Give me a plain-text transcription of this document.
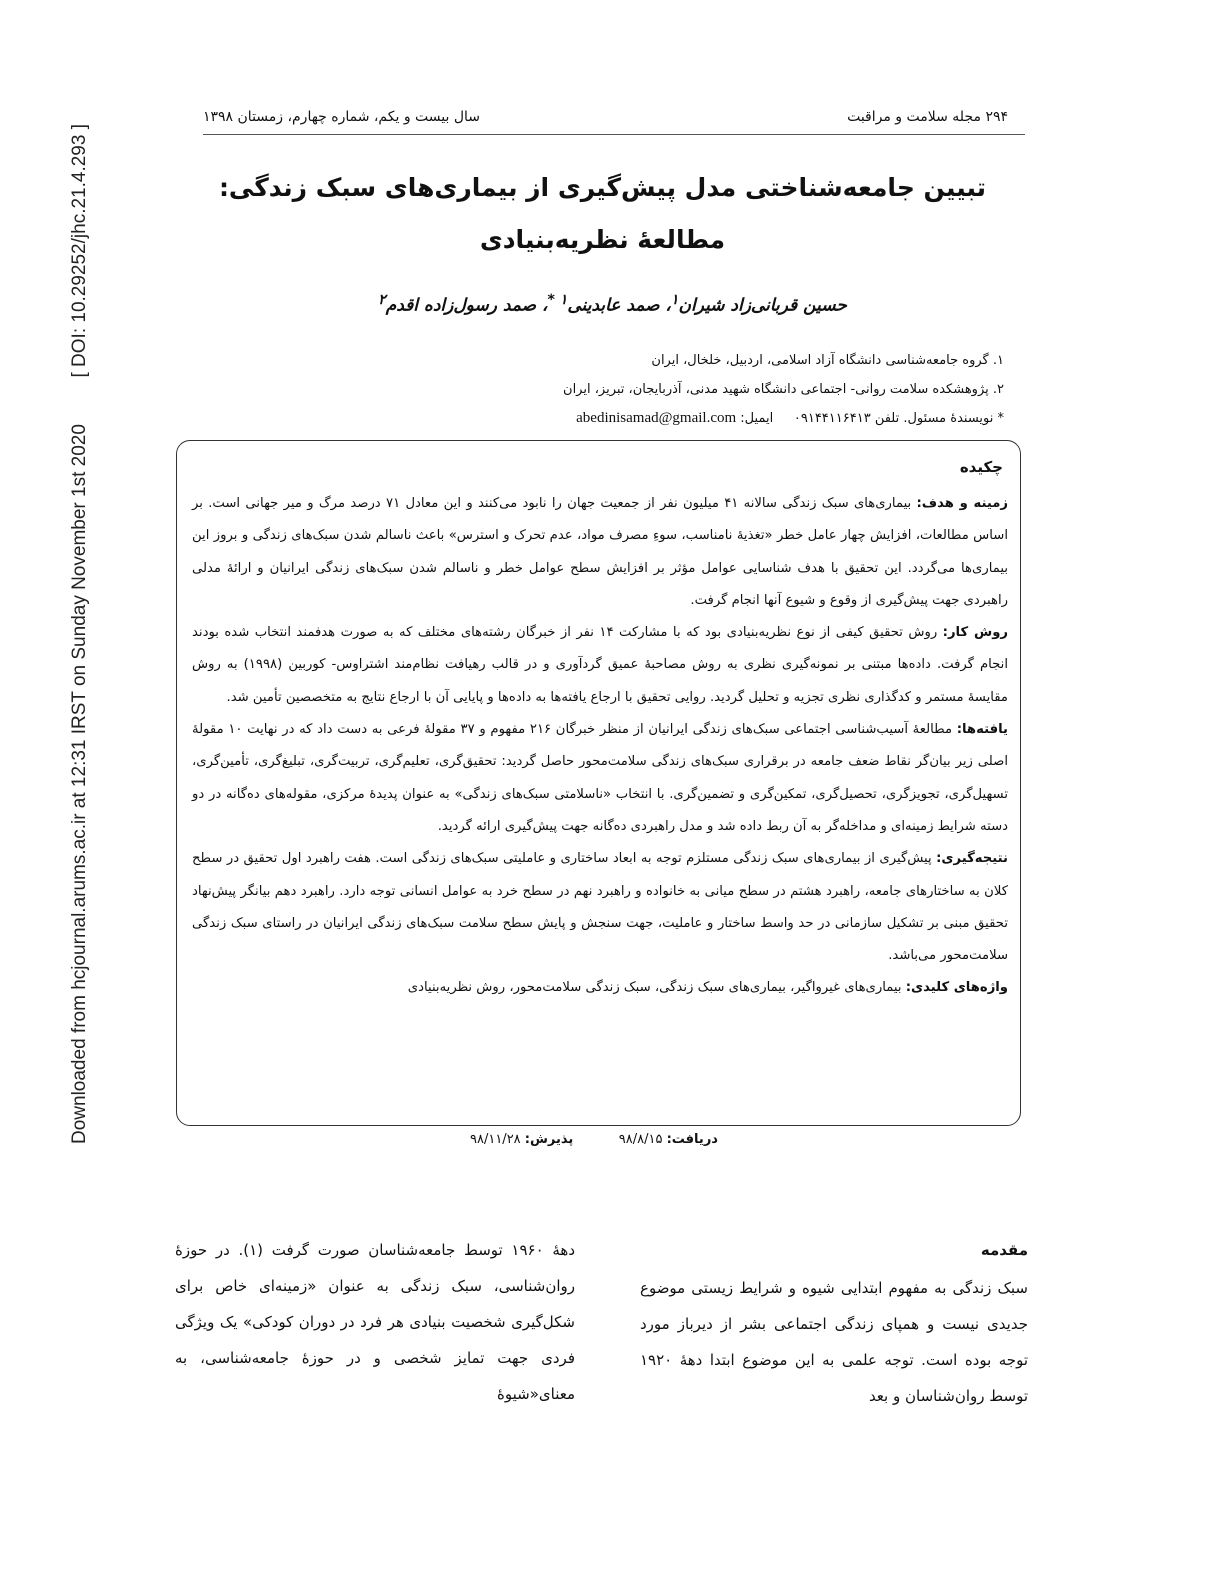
Downloaded from hcjournal.arums.ac.ir at 12:31 IRST on Sunday November 1st 2020
[ DOI: 10.29252/jhc.21.4.293 ]
۲۹۴ مجله سلامت و مراقبت
سال بیست و یکم، شماره چهارم، زمستان ۱۳۹۸
تبیین جامعه‌شناختی مدل پیش‌گیری از بیماری‌های سبک زندگی: مطالعهٔ نظریه‌بنیادی
حسین قربانی‌زاد شیران$^۱$، صمد عابدینی$^{۱ *}$، صمد رسول‌زاده اقدم$^۲$
۱. گروه جامعه‌شناسی دانشگاه آزاد اسلامی، اردبیل، خلخال، ایران
۲. پژوهشکده سلامت روانی- اجتماعی دانشگاه شهید مدنی، آذربایجان، تبریز، ایران
* نویسندهٔ مسئول. تلفن ۰۹۱۴۴۱۱۶۴۱۳     ایمیل: abedinisamad@gmail.com
چکیده

زمینه و هدف: بیماری‌های سبک زندگی سالانه ۴۱ میلیون نفر از جمعیت جهان را نابود می‌کنند و این معادل ۷۱ درصد مرگ و میر جهانی است. بر اساس مطالعات، افزایش چهار عامل خطر «تغذیهٔ نامناسب، سوءِ مصرف مواد، عدم تحرک و استرس» باعث ناسالم شدن سبک‌های زندگی و بروز این بیماری‌ها می‌گردد. این تحقیق با هدف شناسایی عوامل مؤثر بر افزایش سطح عوامل خطر و ناسالم شدن سبک‌های زندگی ایرانیان و ارائهٔ مدلی راهبردی جهت پیش‌گیری از وقوع و شیوع آنها انجام گرفت.

روش کار: روش تحقیق کیفی از نوع نظریه‌بنیادی بود که با مشارکت ۱۴ نفر از خبرگان رشته‌های مختلف که به صورت هدفمند انتخاب شده بودند انجام گرفت. داده‌ها مبتنی بر نمونه‌گیری نظری به روش مصاحبهٔ عمیق گردآوری و در قالب رهیافت نظام‌مند اشتراوس- کوربین (۱۹۹۸) به روش مقایسهٔ مستمر و کدگذاری نظری تجزیه و تحلیل گردید. روایی تحقیق با ارجاع یافته‌ها به داده‌ها و پایایی آن با ارجاع نتایج به متخصصین تأمین شد.

یافته‌ها: مطالعهٔ آسیب‌شناسی اجتماعی سبک‌های زندگی ایرانیان از منظر خبرگان ۲۱۶ مفهوم و ۳۷ مقولهٔ فرعی به دست داد که در نهایت ۱۰ مقولهٔ اصلی زیر بیان‌گر نقاط ضعف جامعه در برقراری سبک‌های زندگی سلامت‌محور حاصل گردید: تحقیق‌گری، تعلیم‌گری، تربیت‌گری، تبلیغ‌گری، تأمین‌گری، تسهیل‌گری، تجویزگری، تحصیل‌گری، تمکین‌گری و تضمین‌گری. با انتخاب «ناسلامتی سبک‌های زندگی» به عنوان پدیدهٔ مرکزی، مقوله‌های ده‌گانه در دو دسته شرایط زمینه‌ای و مداخله‌گر به آن ربط داده شد و مدل راهبردی ده‌گانه جهت پیش‌گیری ارائه گردید.

نتیجه‌گیری: پیش‌گیری از بیماری‌های سبک زندگی مستلزم توجه به ابعاد ساختاری و عاملیتی سبک‌های زندگی است. هفت راهبرد اول تحقیق در سطح کلان به ساختارهای جامعه، راهبرد هشتم در سطح میانی به خانواده و راهبرد نهم در سطح خرد به عوامل انسانی توجه دارد. راهبرد دهم بیانگر پیش‌نهاد تحقیق مبنی بر تشکیل سازمانی در حد واسط ساختار و عاملیت، جهت سنجش و پایش سطح سلامت سبک‌های زندگی ایرانیان در راستای سبک زندگی سلامت‌محور می‌باشد.

واژه‌های کلیدی: بیماری‌های غیرواگیر، بیماری‌های سبک زندگی، سبک زندگی سلامت‌محور، روش نظریه‌بنیادی

دریافت: ۹۸/۸/۱۵           پذیرش: ۹۸/۱۱/۲۸
مقدمه
سبک زندگی به مفهوم ابتدایی شیوه و شرایط زیستی موضوع جدیدی نیست و همپای زندگی اجتماعی بشر از دیرباز مورد توجه بوده است. توجه علمی به این موضوع ابتدا دههٔ ۱۹۲۰ توسط روان‌شناسان و بعد
دههٔ ۱۹۶۰ توسط جامعه‌شناسان صورت گرفت (۱). در حوزهٔ روان‌شناسی، سبک زندگی به عنوان «زمینه‌ای خاص برای شکل‌گیری شخصیت بنیادی هر فرد در دوران کودکی» یک ویژگی فردی جهت تمایز شخصی و در حوزهٔ جامعه‌شناسی، به معنای«شیوهٔ
